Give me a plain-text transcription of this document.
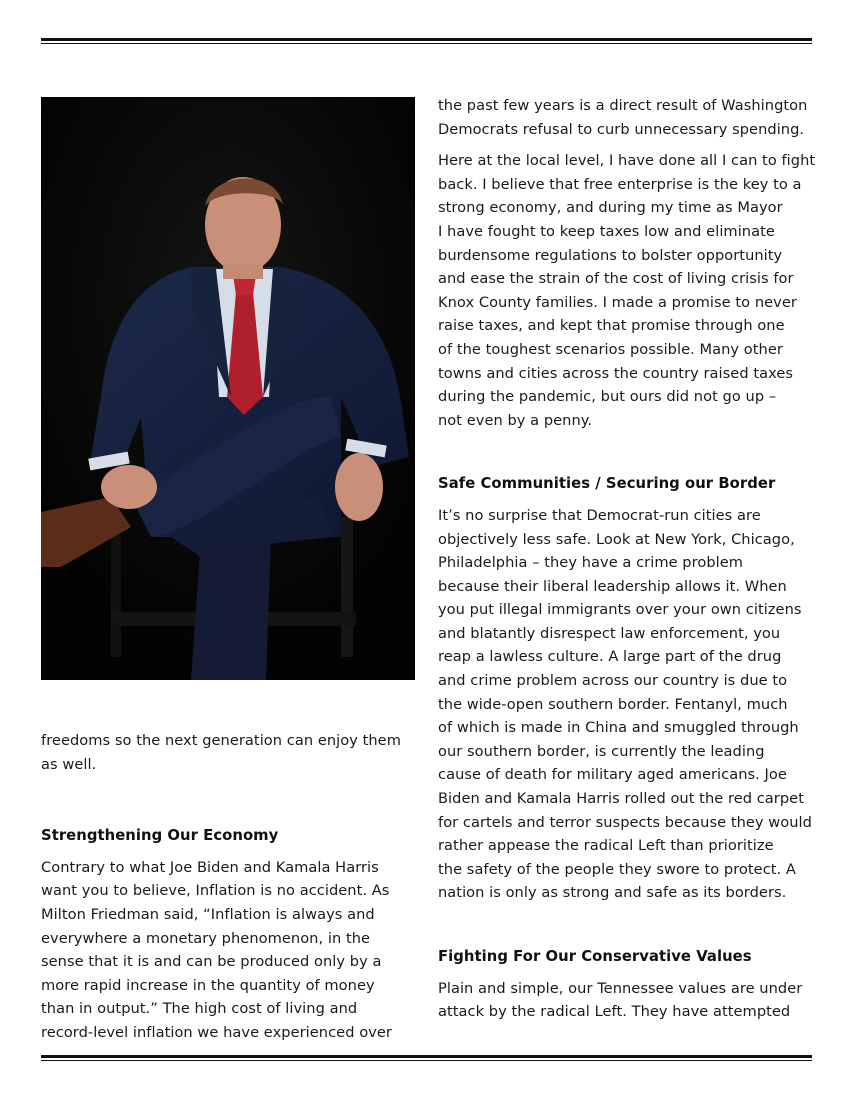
freedoms so the next generation can enjoy them
as well.

Strengthening Our Economy

Contrary to what Joe Biden and Kamala Harris
want you to believe, Inflation is no accident. As
Milton Friedman said, “Inflation is always and
everywhere a monetary phenomenon, in the
sense that it is and can be produced only by a
more rapid increase in the quantity of money
than in output.” The high cost of living and
record-level inflation we have experienced over

the past few years is a direct result of Washington
Democrats refusal to curb unnecessary spending.

Here at the local level, I have done all I can to fight
back. I believe that free enterprise is the key to a
strong economy, and during my time as Mayor
I have fought to keep taxes low and eliminate
burdensome regulations to bolster opportunity
and ease the strain of the cost of living crisis for
Knox County families. I made a promise to never
raise taxes, and kept that promise through one
of the toughest scenarios possible. Many other
towns and cities across the country raised taxes
during the pandemic, but ours did not go up –
not even by a penny.

Safe Communities / Securing our Border

It’s no surprise that Democrat-run cities are
objectively less safe. Look at New York, Chicago,
Philadelphia – they have a crime problem
because their liberal leadership allows it. When
you put illegal immigrants over your own citizens
and blatantly disrespect law enforcement, you
reap a lawless culture. A large part of the drug
and crime problem across our country is due to
the wide-open southern border. Fentanyl, much
of which is made in China and smuggled through
our southern border, is currently the leading
cause of death for military aged americans. Joe
Biden and Kamala Harris rolled out the red carpet
for cartels and terror suspects because they would
rather appease the radical Left than prioritize
the safety of the people they swore to protect. A
nation is only as strong and safe as its borders.

Fighting For Our Conservative Values

Plain and simple, our Tennessee values are under
attack by the radical Left. They have attempted
